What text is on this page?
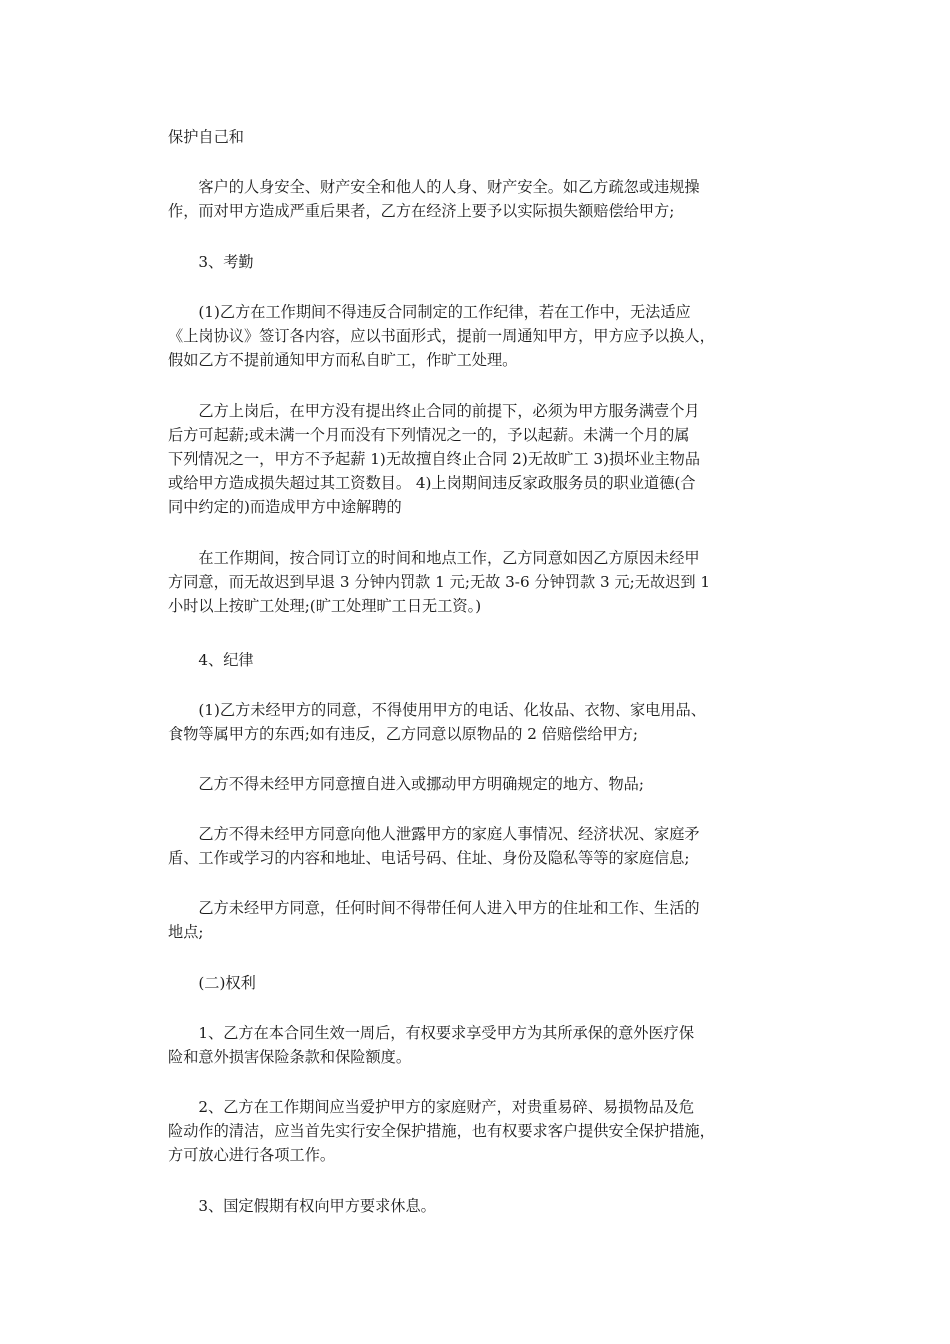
保护自己和

　　客户的人身安全、财产安全和他人的人身、财产安全。如乙方疏忽或违规操
作，而对甲方造成严重后果者，乙方在经济上要予以实际损失额赔偿给甲方;

　　3、考勤

　　(1)乙方在工作期间不得违反合同制定的工作纪律，若在工作中，无法适应
《上岗协议》签订各内容，应以书面形式，提前一周通知甲方，甲方应予以换人，
假如乙方不提前通知甲方而私自旷工，作旷工处理。

　　乙方上岗后，在甲方没有提出终止合同的前提下，必须为甲方服务满壹个月
后方可起薪;或未满一个月而没有下列情况之一的，予以起薪。未满一个月的属
下列情况之一，甲方不予起薪 1)无故擅自终止合同 2)无故旷工 3)损坏业主物品
或给甲方造成损失超过其工资数目。 4)上岗期间违反家政服务员的职业道德(合
同中约定的)而造成甲方中途解聘的

　　在工作期间，按合同订立的时间和地点工作，乙方同意如因乙方原因未经甲
方同意，而无故迟到早退 3 分钟内罚款 1 元;无故 3-6 分钟罚款 3 元;无故迟到 1
小时以上按旷工处理;(旷工处理旷工日无工资。)

　　4、纪律

　　(1)乙方未经甲方的同意，不得使用甲方的电话、化妆品、衣物、家电用品、
食物等属甲方的东西;如有违反，乙方同意以原物品的 2 倍赔偿给甲方;

　　乙方不得未经甲方同意擅自进入或挪动甲方明确规定的地方、物品;

　　乙方不得未经甲方同意向他人泄露甲方的家庭人事情况、经济状况、家庭矛
盾、工作或学习的内容和地址、电话号码、住址、身份及隐私等等的家庭信息;

　　乙方未经甲方同意，任何时间不得带任何人进入甲方的住址和工作、生活的
地点;

　　(二)权利

　　1、乙方在本合同生效一周后，有权要求享受甲方为其所承保的意外医疗保
险和意外损害保险条款和保险额度。

　　2、乙方在工作期间应当爱护甲方的家庭财产，对贵重易碎、易损物品及危
险动作的清洁，应当首先实行安全保护措施，也有权要求客户提供安全保护措施，
方可放心进行各项工作。

　　3、国定假期有权向甲方要求休息。
